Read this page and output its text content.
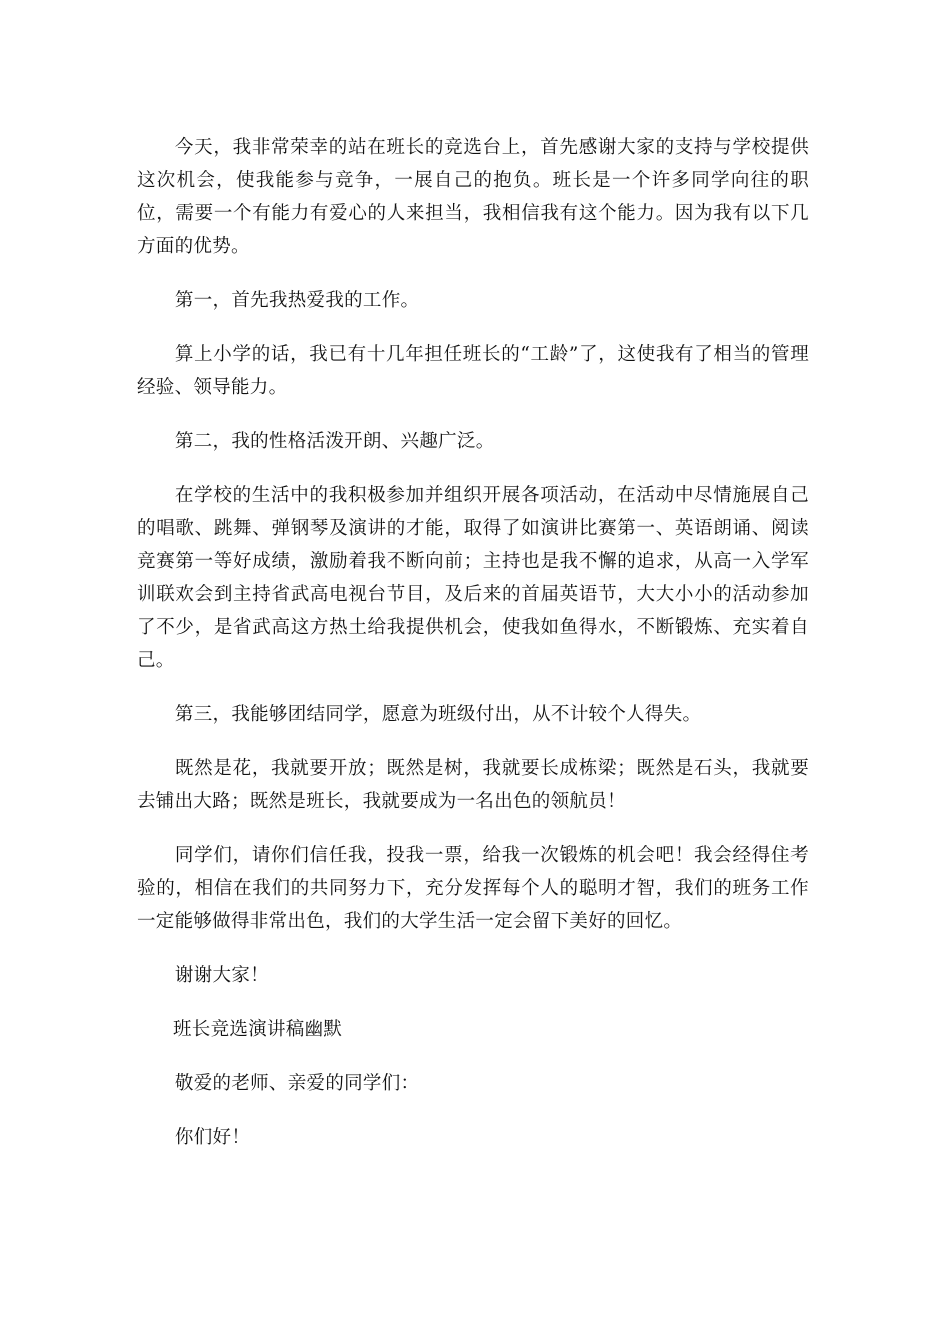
今天，我非常荣幸的站在班长的竞选台上，首先感谢大家的支持与学校提供这次机会，使我能参与竞争，一展自己的抱负。班长是一个许多同学向往的职位，需要一个有能力有爱心的人来担当，我相信我有这个能力。因为我有以下几方面的优势。

第一，首先我热爱我的工作。

算上小学的话，我已有十几年担任班长的“工龄”了，这使我有了相当的管理经验、领导能力。

第二，我的性格活泼开朗、兴趣广泛。

在学校的生活中的我积极参加并组织开展各项活动，在活动中尽情施展自己的唱歌、跳舞、弹钢琴及演讲的才能，取得了如演讲比赛第一、英语朗诵、阅读竞赛第一等好成绩，激励着我不断向前；主持也是我不懈的追求，从高一入学军训联欢会到主持省武高电视台节目，及后来的首届英语节，大大小小的活动参加了不少，是省武高这方热土给我提供机会，使我如鱼得水，不断锻炼、充实着自己。

第三，我能够团结同学，愿意为班级付出，从不计较个人得失。

既然是花，我就要开放；既然是树，我就要长成栋梁；既然是石头，我就要去铺出大路；既然是班长，我就要成为一名出色的领航员！

同学们，请你们信任我，投我一票，给我一次锻炼的机会吧！我会经得住考验的，相信在我们的共同努力下，充分发挥每个人的聪明才智，我们的班务工作一定能够做得非常出色，我们的大学生活一定会留下美好的回忆。

谢谢大家！

班长竞选演讲稿幽默

敬爱的老师、亲爱的同学们：

你们好！
